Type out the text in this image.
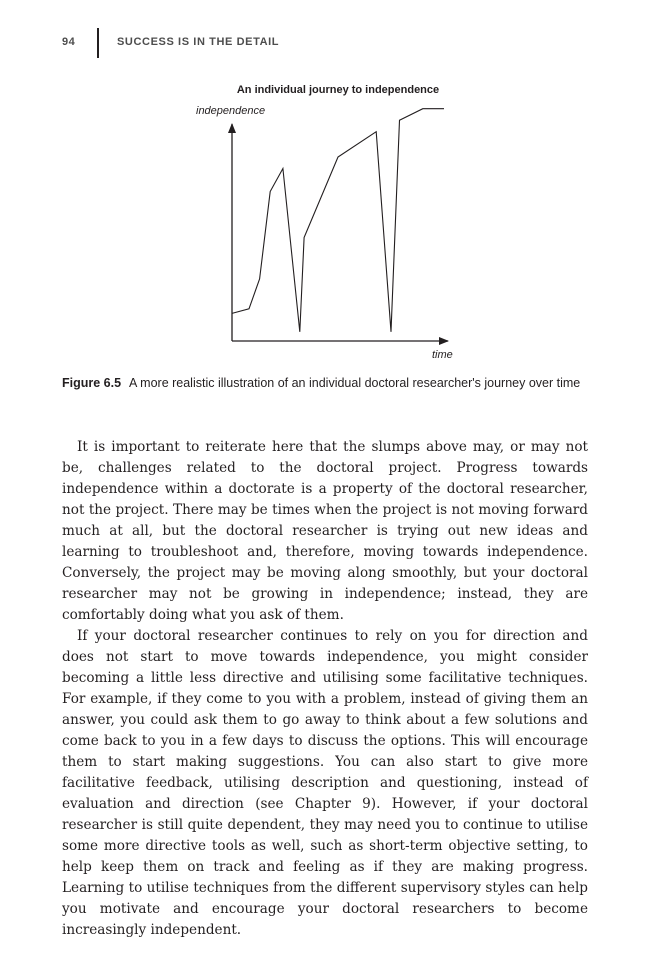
94	SUCCESS IS IN THE DETAIL
An individual journey to independence
independence
time
Figure 6.5 A more realistic illustration of an individual doctoral researcher's journey over time

It is important to reiterate here that the slumps above may, or may not be, challenges related to the doctoral project. Progress towards independence within a doctorate is a property of the doctoral researcher, not the project. There may be times when the project is not moving forward much at all, but the doctoral researcher is trying out new ideas and learning to troubleshoot and, therefore, moving towards independence. Conversely, the project may be moving along smoothly, but your doctoral researcher may not be growing in independence; instead, they are comfortably doing what you ask of them.

If your doctoral researcher continues to rely on you for direction and does not start to move towards independence, you might consider becoming a little less directive and utilising some facilitative techniques. For example, if they come to you with a problem, instead of giving them an answer, you could ask them to go away to think about a few solutions and come back to you in a few days to discuss the options. This will encourage them to start making suggestions. You can also start to give more facilitative feedback, utilising description and questioning, instead of evaluation and direction (see Chapter 9). However, if your doctoral researcher is still quite dependent, they may need you to continue to utilise some more directive tools as well, such as short-term objective setting, to help keep them on track and feeling as if they are making progress. Learning to utilise techniques from the different supervisory styles can help you motivate and encourage your doctoral researchers to become increasingly independent.
